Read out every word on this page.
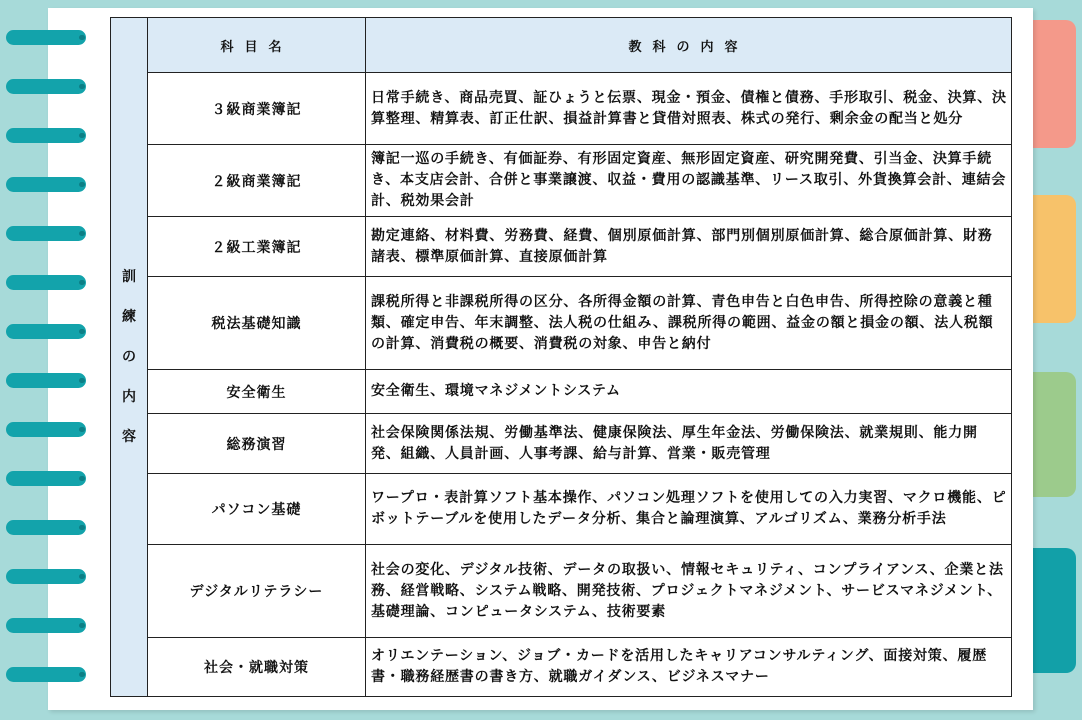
訓練の内容	科目名	教科の内容
	３級商業簿記	日常手続き、商品売買、証ひょうと伝票、現金・預金、債権と債務、手形取引、税金、決算、決算整理、精算表、訂正仕訳、損益計算書と貸借対照表、株式の発行、剰余金の配当と処分
	２級商業簿記	簿記一巡の手続き、有価証券、有形固定資産、無形固定資産、研究開発費、引当金、決算手続き、本支店会計、合併と事業譲渡、収益・費用の認識基準、リース取引、外貨換算会計、連結会計、税効果会計
	２級工業簿記	勘定連絡、材料費、労務費、経費、個別原価計算、部門別個別原価計算、総合原価計算、財務諸表、標準原価計算、直接原価計算
	税法基礎知識	課税所得と非課税所得の区分、各所得金額の計算、青色申告と白色申告、所得控除の意義と種類、確定申告、年末調整、法人税の仕組み、課税所得の範囲、益金の額と損金の額、法人税額の計算、消費税の概要、消費税の対象、申告と納付
	安全衛生	安全衛生、環境マネジメントシステム
	総務演習	社会保険関係法規、労働基準法、健康保険法、厚生年金法、労働保険法、就業規則、能力開発、組織、人員計画、人事考課、給与計算、営業・販売管理
	パソコン基礎	ワープロ・表計算ソフト基本操作、パソコン処理ソフトを使用しての入力実習、マクロ機能、ピボットテーブルを使用したデータ分析、集合と論理演算、アルゴリズム、業務分析手法
	デジタルリテラシー	社会の変化、デジタル技術、データの取扱い、情報セキュリティ、コンプライアンス、企業と法務、経営戦略、システム戦略、開発技術、プロジェクトマネジメント、サービスマネジメント、基礎理論、コンピュータシステム、技術要素
	社会・就職対策	オリエンテーション、ジョブ・カードを活用したキャリアコンサルティング、面接対策、履歴書・職務経歴書の書き方、就職ガイダンス、ビジネスマナー
